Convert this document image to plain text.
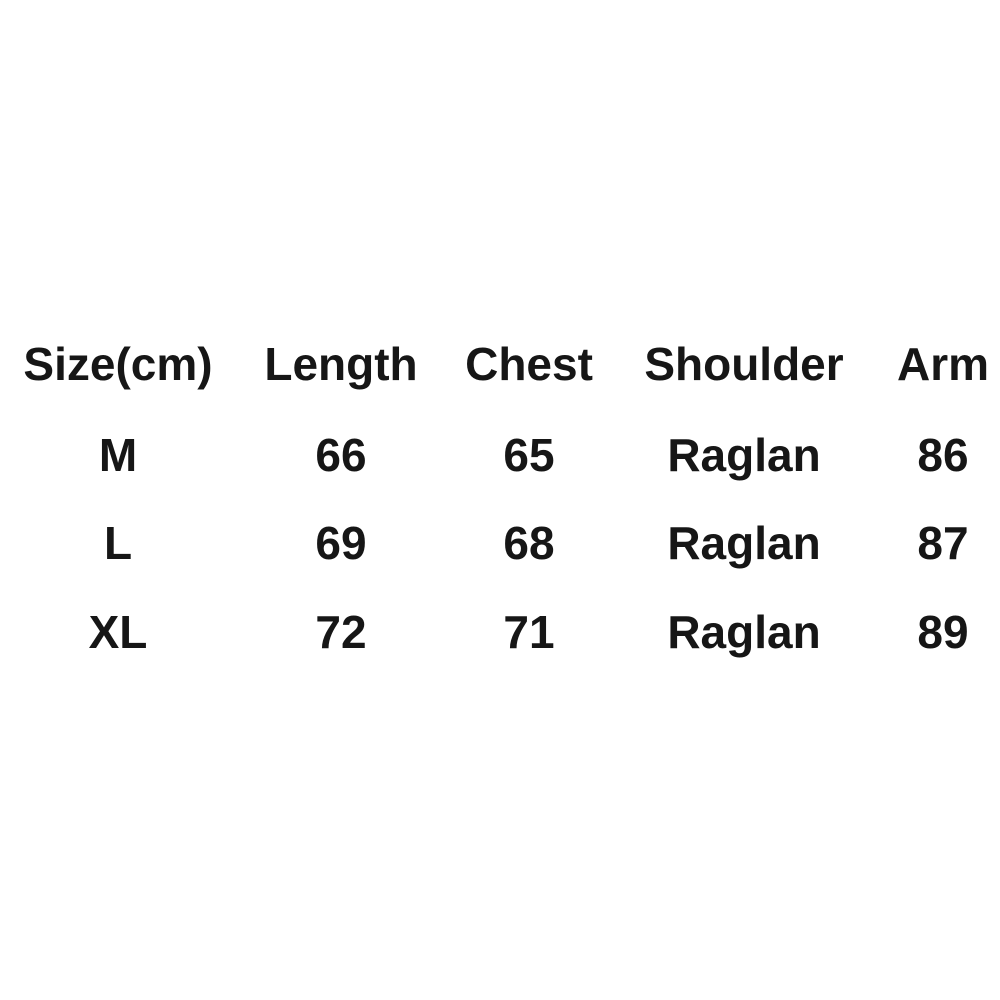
Size(cm) Length Chest Shoulder Arm
M	66	65 Raglan 86
L	69	68 Raglan 87
XL	72	71 Raglan 89
